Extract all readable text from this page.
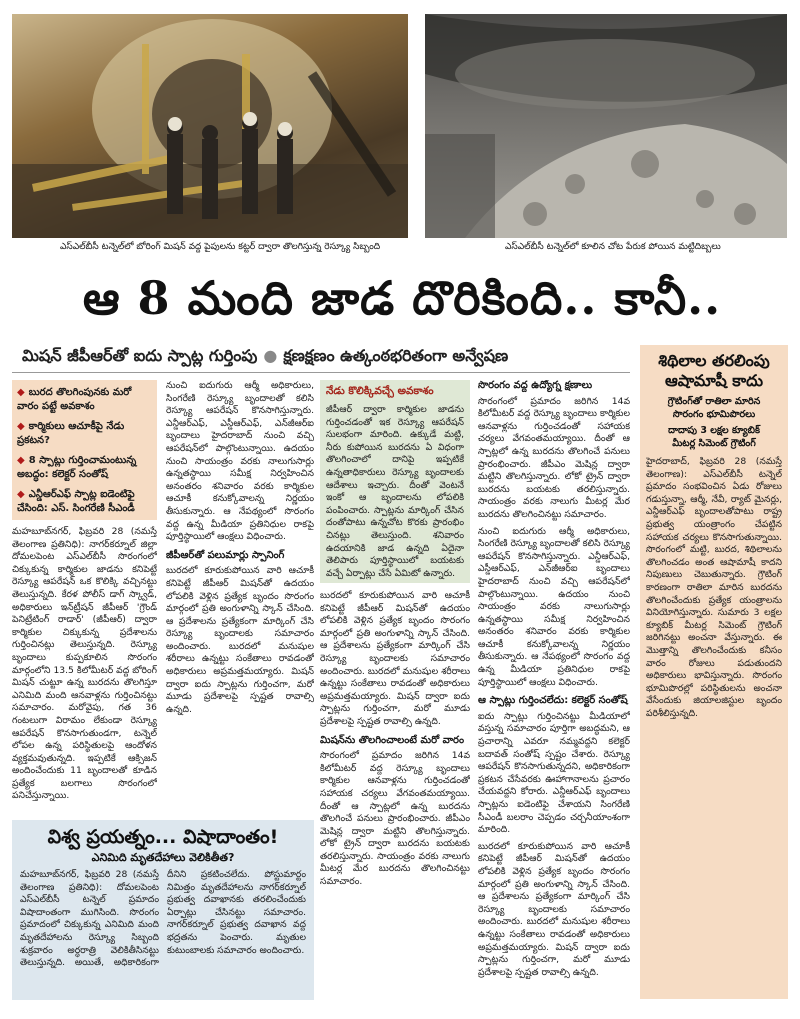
ఎస్‌ఎల్‌బీసీ టన్నెల్‌లో బోరింగ్ మిషన్ వద్ద పైపులను కట్టర్ ద్వారా తొలగిస్తున్న రెస్క్యూ సిబ్బంది	ఎస్‌ఎల్‌బీసీ టన్నెల్‌లో కూలిన చోట పేరుక పోయిన మట్టిదిబ్బలు
ఆ 8 మంది జాడ దొరికింది.. కానీ..
మిషన్ జీపీఆర్‌తో ఐదు స్పాట్ల గుర్తింపు ● క్షణక్షణం ఉత్కంఠభరితంగా అన్వేషణ
◆ బురద తొలగింపునకు మరో వారం పట్టే అవకాశం
◆ కార్మికులు ఆచూకీపై నేడు ప్రకటన?
◆ 8 స్పాట్లు గుర్తించామంటున్న అబద్ధం: కలెక్టర్ సంతోష్
◆ ఎన్డీఆర్‌ఎఫ్ స్పాట్ల ఐడెంటిఫై చేసింది: ఎస్. సింగరేణి సీఎండీ

మహబూబ్‌నగర్, ఫిబ్రవరి 28 (నమస్తే తెలంగాణ ప్రతినిధి): నాగర్‌కర్నూల్ జిల్లా దోమలపెంట ఎస్‌ఎల్‌బీసీ సొరంగంలో చిక్కుకున్న కార్మికుల జాడను కనిపెట్టే రెస్క్యూ ఆపరేషన్ ఒక కొలిక్కి వచ్చినట్టు తెలుస్తున్నది. కేరళ పోలీస్ డాగ్ స్క్వాడ్, అధికారులు ఇన్‌ట్రీషన్ జీపీఆర్ 'గ్రౌండ్ పెనిట్రేటింగ్ రాడార్' (జీపీఆర్) ద్వారా కార్మికుల చిక్కుకున్న ప్రదేశాలను గుర్తించినట్లు తెలుస్తున్నది. రెస్క్యూ బృందాలు కుప్పకూలిన సొరంగం మార్గంలోని 13.5 కిలోమీటర్ వద్ద బోరింగ్ మిషన్ చుట్టూ ఉన్న బురదను తొలగిస్తూ ఎనిమిది మంది ఆనవాళ్లను గుర్తించినట్టు సమాచారం. మరోవైపు, గత 36 గంటలుగా విరామం లేకుండా రెస్క్యూ ఆపరేషన్ కొనసాగుతుండగా, టన్నెల్ లోపల ఉన్న పరిస్థితులపై ఆందోళన వ్యక్తమవుతున్నది. ఇప్పటికే ఆక్సిజన్ అందించేందుకు 11 బృందాలతో కూడిన ప్రత్యేక బలగాలు సొరంగంలో పనిచేస్తున్నాయి.

నుంచి ఐదుగురు ఆర్మీ అధికారులు, సింగరేణి రెస్క్యూ బృందాలతో కలిసి రెస్క్యూ ఆపరేషన్ కొనసాగిస్తున్నారు. ఎన్డీఆర్‌ఎఫ్, ఎస్డీఆర్‌ఎఫ్, ఎన్‌జీఆర్‌ఐ బృందాలు హైదరాబాద్ నుంచి వచ్చి ఆపరేషన్‌లో పాల్గొంటున్నాయి. ఉదయం నుంచి సాయంత్రం వరకు నాలుగుసార్లు ఉన్నతస్థాయి సమీక్ష నిర్వహించిన అనంతరం శనివారం వరకు కార్మికుల ఆచూకీ కనుక్కోవాలన్న నిర్ణయం తీసుకున్నారు. ఆ నేపథ్యంలో సొరంగం వద్ద ఉన్న మీడియా ప్రతినిధుల రాకపై పూర్తిస్థాయిలో ఆంక్షలు విధించారు.

జీపీఆర్‌తో పలుమార్లు స్పానింగ్

బురదలో కూరుకుపోయిన వారి ఆచూకీ కనిపెట్టే జీపీఆర్ మిషన్‌తో ఉదయం లోపలికి వెళ్లిన ప్రత్యేక బృందం సొరంగం మార్గంలో ప్రతి అంగుళాన్ని స్కాన్ చేసింది. ఆ ప్రదేశాలను ప్రత్యేకంగా మార్కింగ్ చేసి రెస్క్యూ బృందాలకు సమాచారం అందించారు. బురదలో మనుషుల శరీరాలు ఉన్నట్టు సంకేతాలు రావడంతో అధికారులు అప్రమత్తమయ్యారు. మిషన్ ద్వారా ఐదు స్పాట్లను గుర్తించగా, మరో మూడు ప్రదేశాలపై స్పష్టత రావాల్సి ఉన్నది.

నేడు కొలిక్కివచ్చే అవకాశం
జీపీఆర్ ద్వారా కార్మికుల జాడను గుర్తించడంతో ఇక రెస్క్యూ ఆపరేషన్ సులభంగా మారింది. ఉక్కుడే మట్టి, నీరు కుపోయిన బురదను ఏ విధంగా తొలగించాలో దానిపై ఇప్పటికే ఉన్నతాధికారులు రెస్క్యూ బృందాలకు ఆదేశాలు ఇచ్చారు. దీంతో వెంటనే ఇంకో ఆ బృందాలను లోపలికి పంపించారు. స్పాట్లను మార్కింగ్ చేసిన దంతోపాటు ఉన్నచోట కొరకు ప్రారంభిం చినట్లు తెలుస్తుంది. శనివారం ఉదయానికి జాడ ఉన్నది ఏదైనా తెలిపారు పూర్తిస్థాయిలో బయటకు వచ్చే ఏర్పాట్లు చేసే ఏమిటో ఉన్నారు.

బురదలో కూరుకుపోయిన వారి ఆచూకీ కనిపెట్టే జీపీఆర్ మిషన్‌తో ఉదయం లోపలికి వెళ్లిన ప్రత్యేక బృందం సొరంగం మార్గంలో ప్రతి అంగుళాన్ని స్కాన్ చేసింది. ఆ ప్రదేశాలను ప్రత్యేకంగా మార్కింగ్ చేసి రెస్క్యూ బృందాలకు సమాచారం అందించారు. బురదలో మనుషుల శరీరాలు ఉన్నట్టు సంకేతాలు రావడంతో అధికారులు అప్రమత్తమయ్యారు. మిషన్ ద్వారా ఐదు స్పాట్లను గుర్తించగా, మరో మూడు ప్రదేశాలపై స్పష్టత రావాల్సి ఉన్నది.

మిషన్‌ను తొలగించాలంటే మరో వారం

సొరంగంలో ప్రమాదం జరిగిన 14వ కిలోమీటర్ వద్ద రెస్క్యూ బృందాలు కార్మికుల ఆనవాళ్లను గుర్తించడంతో సహాయక చర్యలు వేగవంతమయ్యాయి. దీంతో ఆ స్పాట్లలో ఉన్న బురదను తొలగించే పనులు ప్రారంభించారు. జీపీఎం మెషిన్ల ద్వారా మట్టిని తొలగిస్తున్నారు. లోకో ట్రైన్ ద్వారా బురదను బయటకు తరలిస్తున్నారు. సాయంత్రం వరకు నాలుగు మీటర్ల మేర బురదను తొలగించినట్టు సమాచారం.

సొరంగం వద్ద ఉద్యోగ్న క్షణాలు

సొరంగంలో ప్రమాదం జరిగిన 14వ కిలోమీటర్ వద్ద రెస్క్యూ బృందాలు కార్మికుల ఆనవాళ్లను గుర్తించడంతో సహాయక చర్యలు వేగవంతమయ్యాయి. దీంతో ఆ స్పాట్లలో ఉన్న బురదను తొలగించే పనులు ప్రారంభించారు. జీపీఎం మెషిన్ల ద్వారా మట్టిని తొలగిస్తున్నారు. లోకో ట్రైన్ ద్వారా బురదను బయటకు తరలిస్తున్నారు. సాయంత్రం వరకు నాలుగు మీటర్ల మేర బురదను తొలగించినట్టు సమాచారం.

నుంచి ఐదుగురు ఆర్మీ అధికారులు, సింగరేణి రెస్క్యూ బృందాలతో కలిసి రెస్క్యూ ఆపరేషన్ కొనసాగిస్తున్నారు. ఎన్డీఆర్‌ఎఫ్, ఎస్డీఆర్‌ఎఫ్, ఎన్‌జీఆర్‌ఐ బృందాలు హైదరాబాద్ నుంచి వచ్చి ఆపరేషన్‌లో పాల్గొంటున్నాయి. ఉదయం నుంచి సాయంత్రం వరకు నాలుగుసార్లు ఉన్నతస్థాయి సమీక్ష నిర్వహించిన అనంతరం శనివారం వరకు కార్మికుల ఆచూకీ కనుక్కోవాలన్న నిర్ణయం తీసుకున్నారు. ఆ నేపథ్యంలో సొరంగం వద్ద ఉన్న మీడియా ప్రతినిధుల రాకపై పూర్తిస్థాయిలో ఆంక్షలు విధించారు.

ఆ స్పాట్లు గుర్తించలేదు: కలెక్టర్ సంతోష్

ఐదు స్పాట్లు గుర్తించినట్టు మీడియాలో వస్తున్న సమాచారం పూర్తిగా అబద్ధమని, ఆ ప్రచారాన్ని ఎవరూ నమ్మవద్దని కలెక్టర్ బదావత్ సంతోష్ స్పష్టం చేశారు. రెస్క్యూ ఆపరేషన్ కొనసాగుతున్నదని, అధికారికంగా ప్రకటన చేసేవరకు ఊహాగానాలను ప్రచారం చేయవద్దని కోరారు. ఎన్డీఆర్‌ఎఫ్ బృందాలు స్పాట్లను ఐడెంటిఫై చేశాయని సింగరేణి సీఎండీ బలరాం చెప్పడం చర్చనీయాంశంగా మారింది.

బురదలో కూరుకుపోయిన వారి ఆచూకీ కనిపెట్టే జీపీఆర్ మిషన్‌తో ఉదయం లోపలికి వెళ్లిన ప్రత్యేక బృందం సొరంగం మార్గంలో ప్రతి అంగుళాన్ని స్కాన్ చేసింది. ఆ ప్రదేశాలను ప్రత్యేకంగా మార్కింగ్ చేసి రెస్క్యూ బృందాలకు సమాచారం అందించారు. బురదలో మనుషుల శరీరాలు ఉన్నట్టు సంకేతాలు రావడంతో అధికారులు అప్రమత్తమయ్యారు. మిషన్ ద్వారా ఐదు స్పాట్లను గుర్తించగా, మరో మూడు ప్రదేశాలపై స్పష్టత రావాల్సి ఉన్నది.

శిథిలాల తరలింపు
ఆషామాషీ కాదు
గ్రౌటింగ్‌తో రాతిలా మారిన
సొరంగం భూమిపొరలు
దాదాపు 3 లక్షల క్యూబిక్
మీటర్ల సిమెంట్ గ్రౌటింగ్
హైదరాబాద్, ఫిబ్రవరి 28 (నమస్తే తెలంగాణ): ఎస్‌ఎల్‌బీసీ టన్నెల్ ప్రమాదం సంభవించిన ఏడు రోజులు గడుస్తున్నా, ఆర్మీ, నేవీ, ర్యాట్ మైనర్లు, ఎన్డీఆర్‌ఎఫ్ బృందాలతోపాటు రాష్ట్ర ప్రభుత్వ యంత్రాంగం చేపట్టిన సహాయక చర్యలు కొనసాగుతున్నాయి. సొరంగంలో మట్టి, బురద, శిథిలాలను తొలగించడం అంత ఆషామాషీ కాదని నిపుణులు చెబుతున్నారు. గ్రౌటింగ్ కారణంగా రాతిలా మారిన బురదను తొలగించేందుకు ప్రత్యేక యంత్రాలను వినియోగిస్తున్నారు. సుమారు 3 లక్షల క్యూబిక్ మీటర్ల సిమెంట్ గ్రౌటింగ్ జరిగినట్టు అంచనా వేస్తున్నారు. ఈ మొత్తాన్ని తొలగించేందుకు కనీసం వారం రోజులు పడుతుందని అధికారులు భావిస్తున్నారు. సొరంగం భూమిపొరల్లో పరిస్థితులను అంచనా వేసేందుకు జియాలజిస్టుల బృందం పరిశీలిస్తున్నది.
విశ్వ ప్రయత్నం... విషాదాంతం!
ఎనిమిది మృతదేహాలు వెలికితీత?
మహబూబ్‌నగర్, ఫిబ్రవరి 28 (నమస్తే తెలంగాణ ప్రతినిధి): దోమలపెంట ఎస్‌ఎల్‌బీసీ టన్నెల్ ప్రమాదం విషాదాంతంగా ముగిసింది. సొరంగం ప్రమాదంలో చిక్కుకున్న ఎనిమిది మంది మృతదేహాలను రెస్క్యూ సిబ్బంది శుక్రవారం అర్ధరాత్రి వెలికితీసినట్టు తెలుస్తున్నది. అయితే, అధికారికంగా దీనిని ప్రకటించలేదు. పోస్టుమార్టం నిమిత్తం మృతదేహాలను నాగర్‌కర్నూల్ ప్రభుత్వ దవాఖానకు తరలించేందుకు ఏర్పాట్లు చేసినట్టు సమాచారం. నాగర్‌కర్నూల్ ప్రభుత్వ దవాఖాన వద్ద భద్రతను పెంచారు. మృతుల కుటుంబాలకు సమాచారం అందించారు.
